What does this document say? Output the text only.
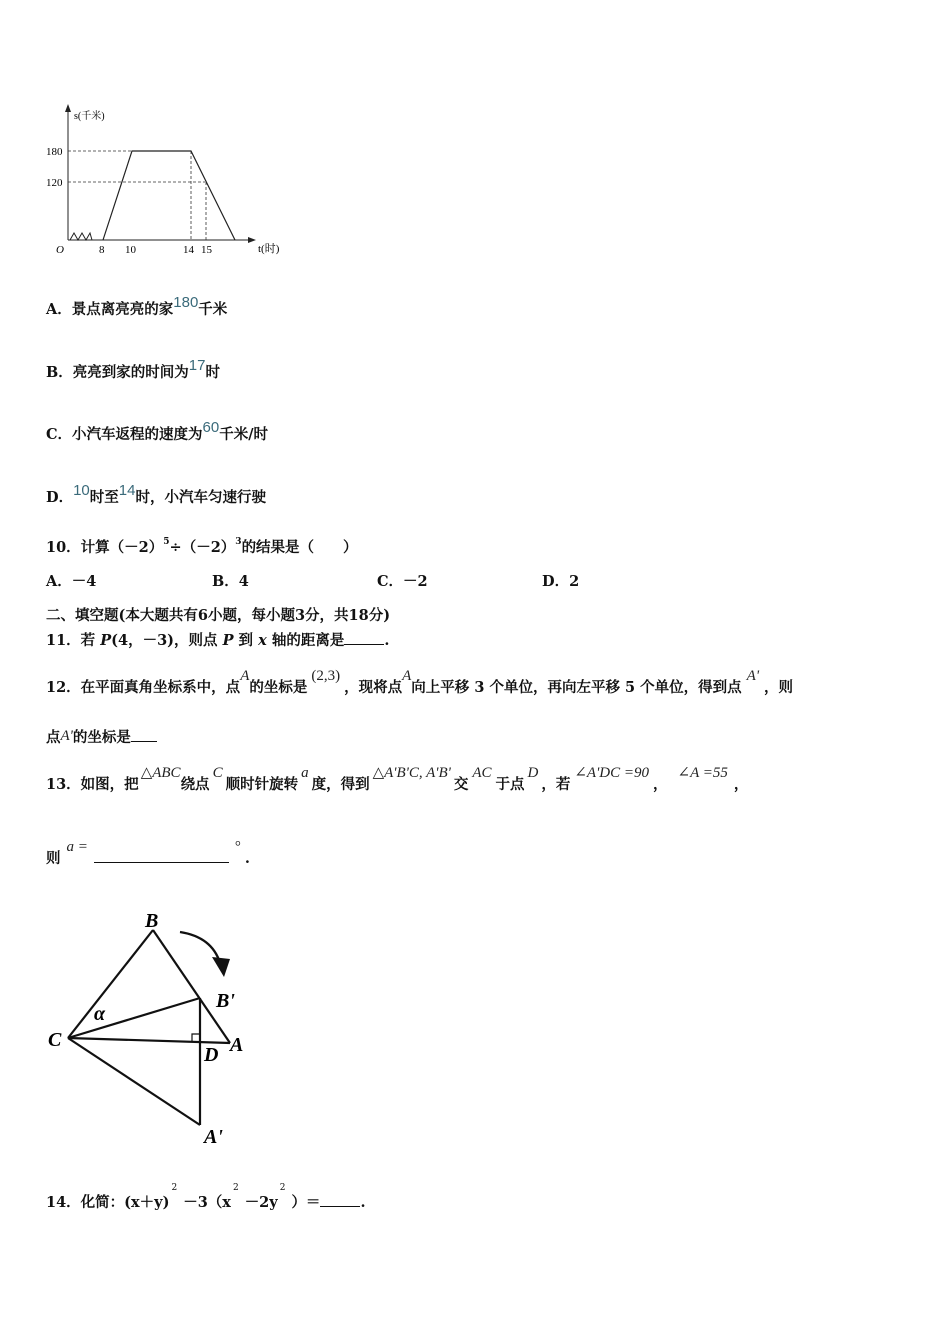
s(千米)
t(时)
O
180
120
8 10	14 15
A．景点离亮亮的家180千米
B．亮亮到家的时间为17时
C．小汽车返程的速度为60千米/时
D．10时至14时，小汽车匀速行驶
10．计算$(-2)^5\div(-2)^3$的结果是（　　）
A．－4	B．4	C．－2	D．2
二、填空题(本大题共有6小题，每小题3分，共18分)
11．若 P(4，－3)，则点 P 到 x 轴的距离是	.
12．在平面真角坐标系中，点A的坐标是(2,3)，现将点A向上平移 3 个单位，再向左平移 5 个单位，得到点A'，则
点A'的坐标是
13．如图，把△ABC绕点C顺时针旋转a度，得到△A'B'C, A'B'交AC于点D，若∠A'DC =90，∠A =55，
则a =	°.
B
B'
C
D A
A'
α
14．化简：$(x+y)^2-3(x^2-2y^2)=$	.
